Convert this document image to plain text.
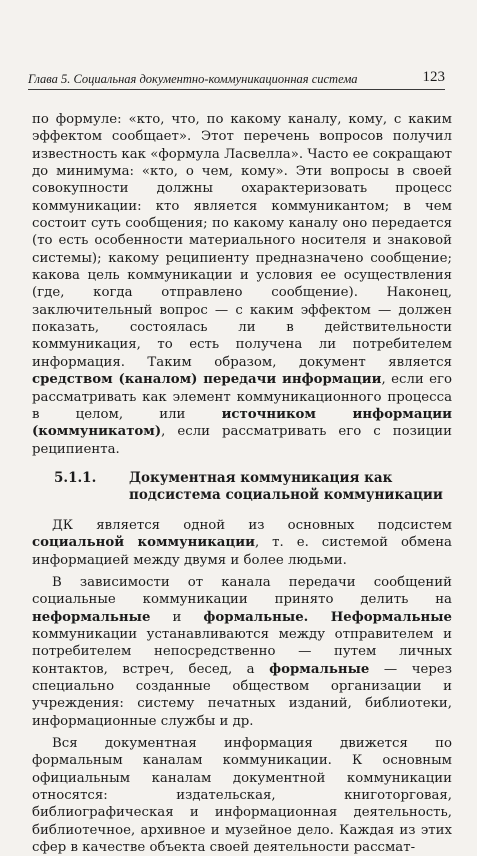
Глава 5. Социальная документно-коммуникационная система	123

по формуле: «кто, что, по какому каналу, кому, с каким эффектом сообщает». Этот перечень вопросов получил известность как «формула Ласвелла». Часто ее сокращают до минимума: «кто, о чем, кому». Эти вопросы в своей совокупности должны охарактеризовать процесс коммуникации: кто является коммуникантом; в чем состоит суть сообщения; по какому каналу оно передается (то есть особенности материального носителя и знаковой системы); какому реципиенту предназначено сообщение; какова цель коммуникации и условия ее осуществления (где, когда отправлено сообщение). Наконец, заключительный вопрос — с каким эффектом — должен показать, состоялась ли в действительности коммуникация, то есть получена ли потребителем информация. Таким образом, документ является средством (каналом) передачи информации, если его рассматривать как элемент коммуникационного процесса в целом, или источником информации (коммуникатом), если рассматривать его с позиции реципиента.

5.1.1.	Документная коммуникация как подсистема социальной коммуникации

ДК является одной из основных подсистем социальной коммуникации, т. е. системой обмена информацией между двумя и более людьми.

В зависимости от канала передачи сообщений социальные коммуникации принято делить на неформальные и формальные. Неформальные коммуникации устанавливаются между отправителем и потребителем непосредственно — путем личных контактов, встреч, бесед, а формальные — через специально созданные обществом организации и учреждения: систему печатных изданий, библиотеки, информационные службы и др.

Вся документная информация движется по формальным каналам коммуникации. К основным официальным каналам документной коммуникации относятся: издательская, книготорговая, библиографическая и информационная деятельность, библиотечное, архивное и музейное дело. Каждая из этих сфер в качестве объекта своей деятельности рассмат-
